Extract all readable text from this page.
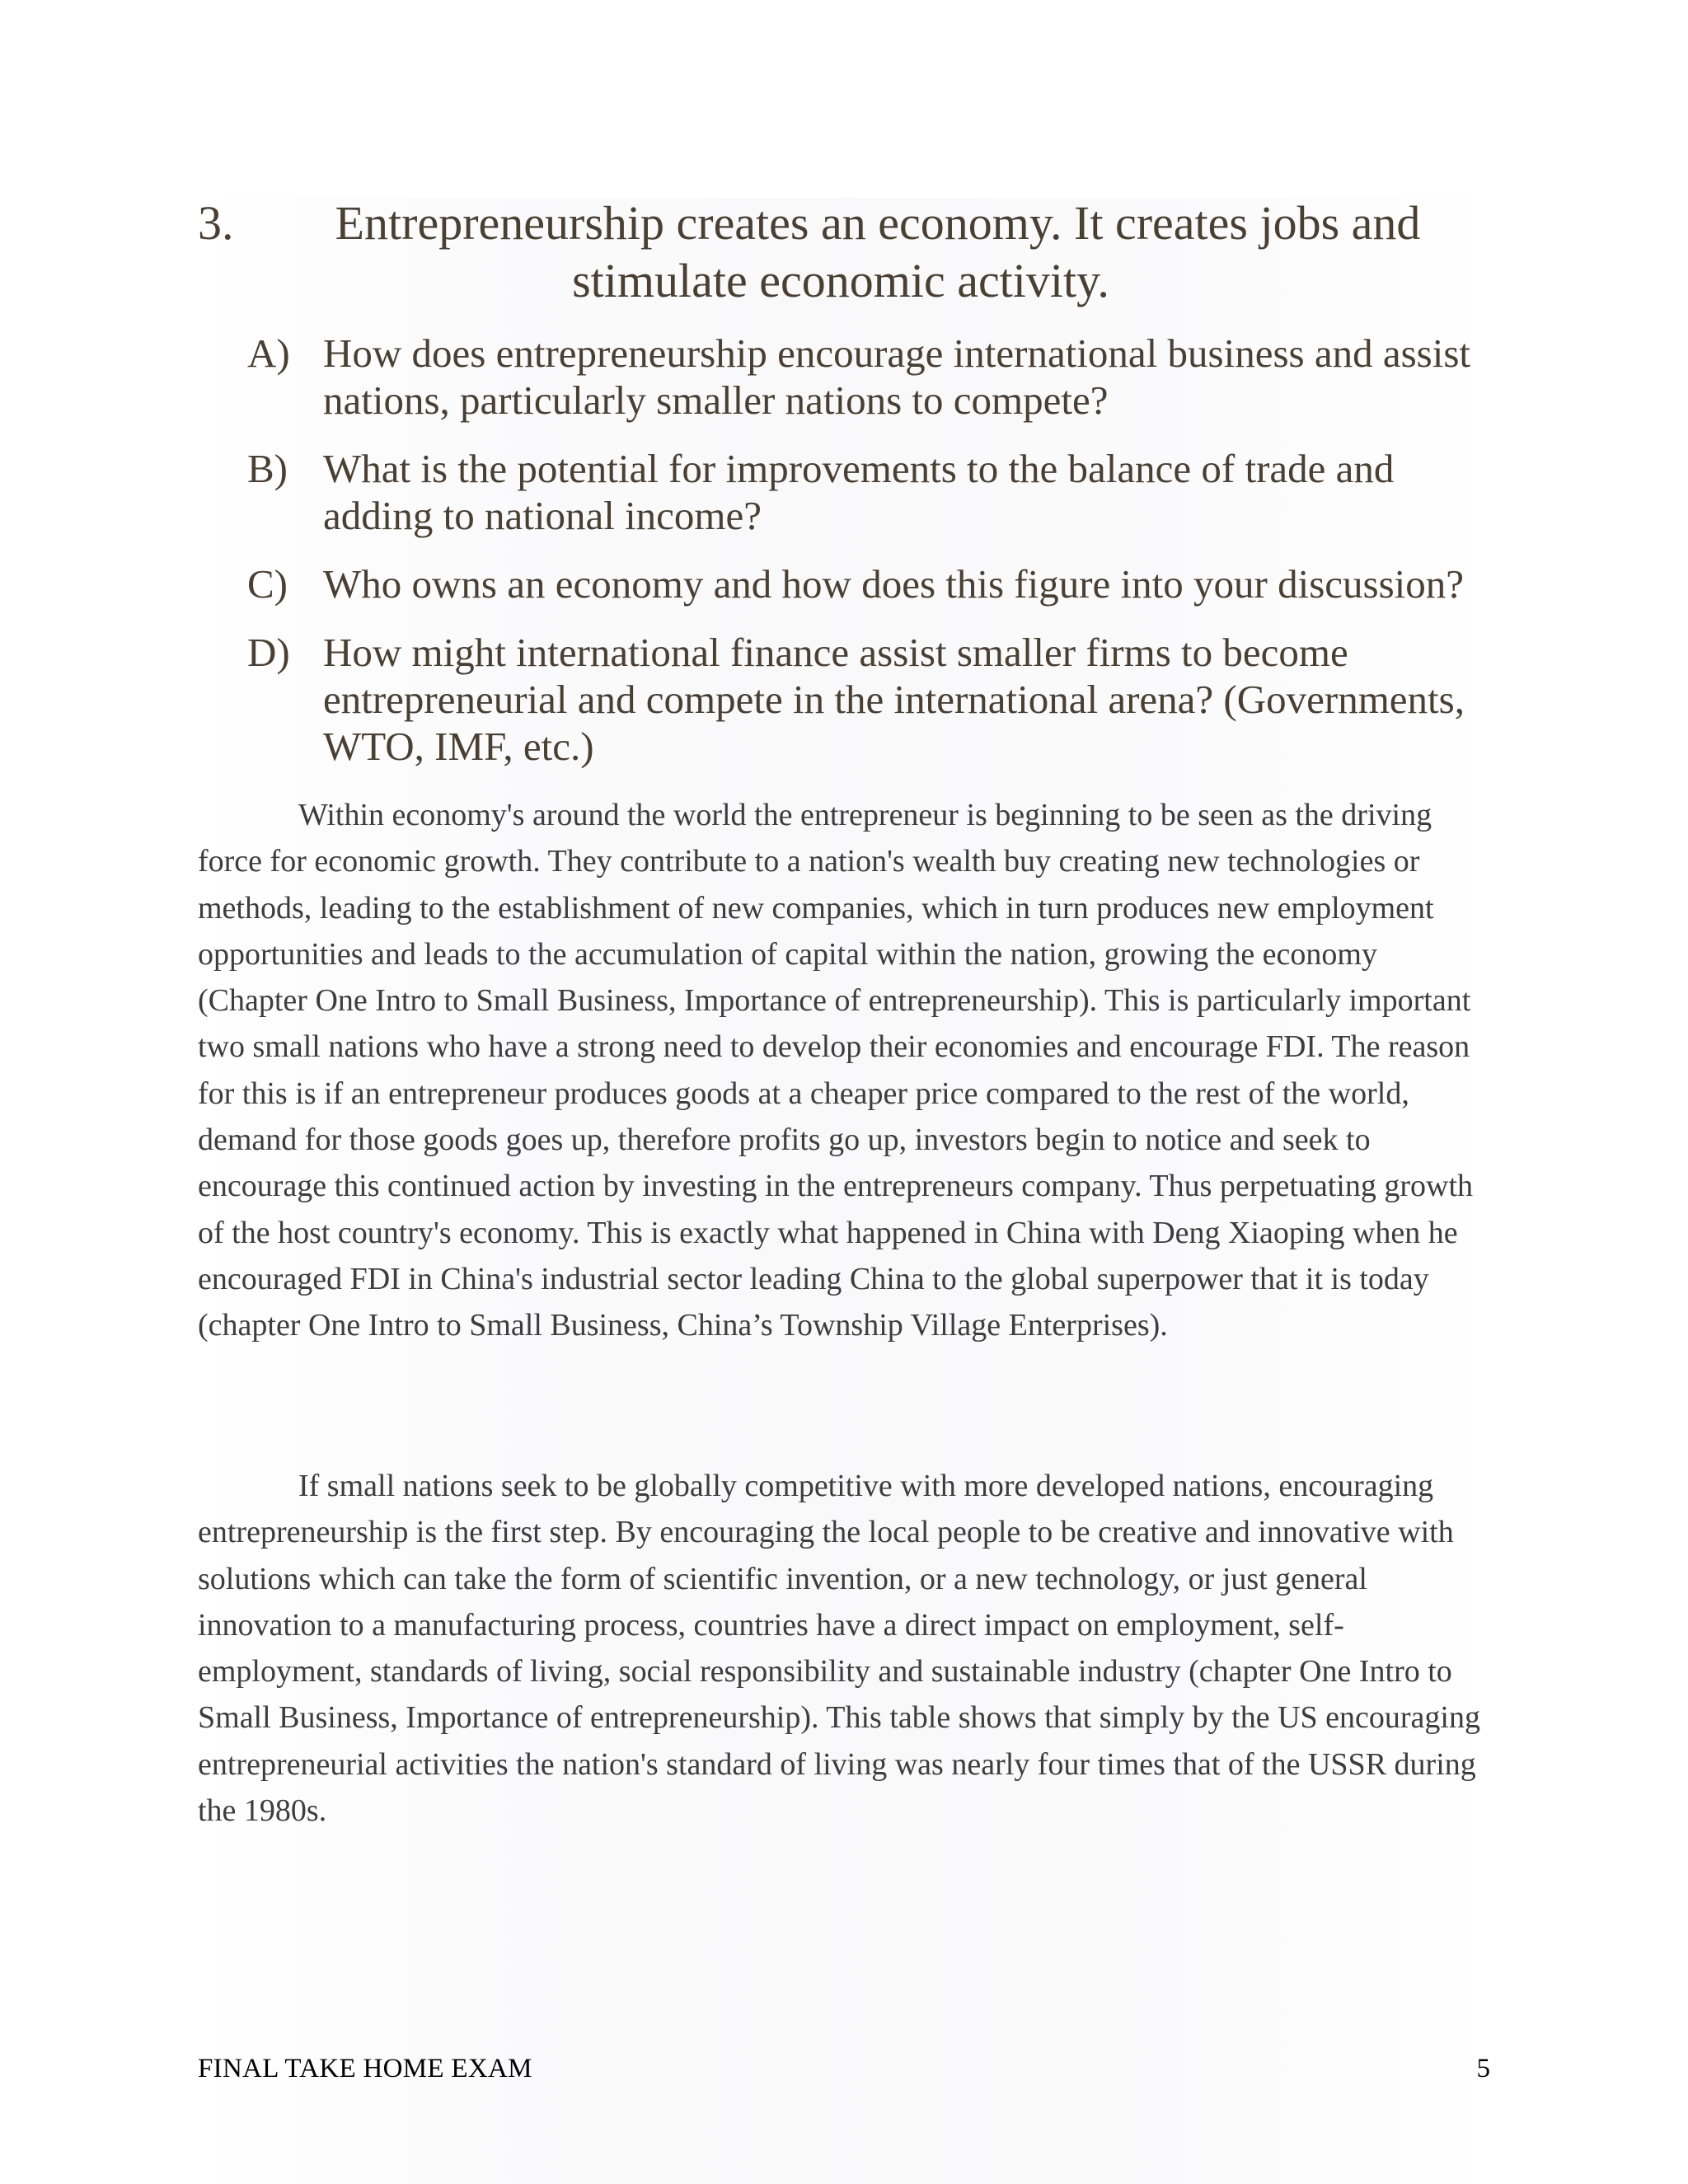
3.	Entrepreneurship creates an economy. It creates jobs and stimulate economic activity.
A) How does entrepreneurship encourage international business and assist nations, particularly smaller nations to compete?
B) What is the potential for improvements to the balance of trade and adding to national income?
C) Who owns an economy and how does this figure into your discussion?
D) How might international finance assist smaller firms to become entrepreneurial and compete in the international arena? (Governments, WTO, IMF, etc.)

Within economy's around the world the entrepreneur is beginning to be seen as the driving force for economic growth. They contribute to a nation's wealth buy creating new technologies or methods, leading to the establishment of new companies, which in turn produces new employment opportunities and leads to the accumulation of capital within the nation, growing the economy (Chapter One Intro to Small Business, Importance of entrepreneurship). This is particularly important two small nations who have a strong need to develop their economies and encourage FDI. The reason for this is if an entrepreneur produces goods at a cheaper price compared to the rest of the world, demand for those goods goes up, therefore profits go up, investors begin to notice and seek to encourage this continued action by investing in the entrepreneurs company. Thus perpetuating growth of the host country's economy. This is exactly what happened in China with Deng Xiaoping when he encouraged FDI in China's industrial sector leading China to the global superpower that it is today (chapter One Intro to Small Business, China’s Township Village Enterprises).

If small nations seek to be globally competitive with more developed nations, encouraging entrepreneurship is the first step. By encouraging the local people to be creative and innovative with solutions which can take the form of scientific invention, or a new technology, or just general innovation to a manufacturing process, countries have a direct impact on employment, self-employment, standards of living, social responsibility and sustainable industry (chapter One Intro to Small Business, Importance of entrepreneurship). This table shows that simply by the US encouraging entrepreneurial activities the nation's standard of living was nearly four times that of the USSR during the 1980s.

FINAL TAKE HOME EXAM	5
